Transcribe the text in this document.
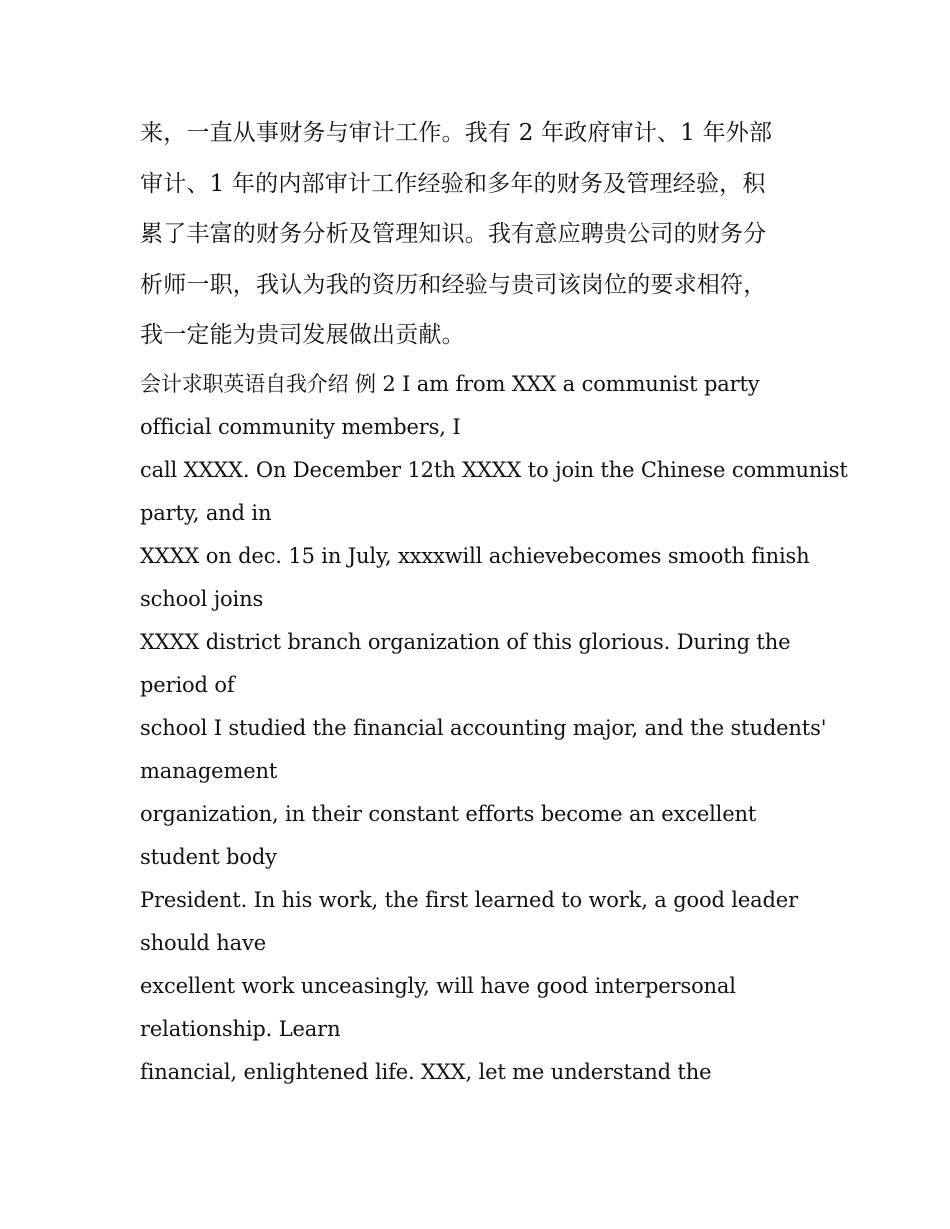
来，一直从事财务与审计工作。我有 2 年政府审计、1 年外部
审计、1 年的内部审计工作经验和多年的财务及管理经验，积
累了丰富的财务分析及管理知识。我有意应聘贵公司的财务分
析师一职，我认为我的资历和经验与贵司该岗位的要求相符，
我一定能为贵司发展做出贡献。
会计求职英语自我介绍 例 2 I am from XXX a communist party
official community members, I
call XXXX. On December 12th XXXX to join the Chinese communist
party, and in
XXXX on dec. 15 in July, xxxxwill achievebecomes smooth finish
school joins
XXXX district branch organization of this glorious. During the
period of
school I studied the financial accounting major, and the students'
management
organization, in their constant efforts become an excellent
student body
President. In his work, the first learned to work, a good leader
should have
excellent work unceasingly, will have good interpersonal
relationship. Learn
financial, enlightened life. XXX, let me understand the
